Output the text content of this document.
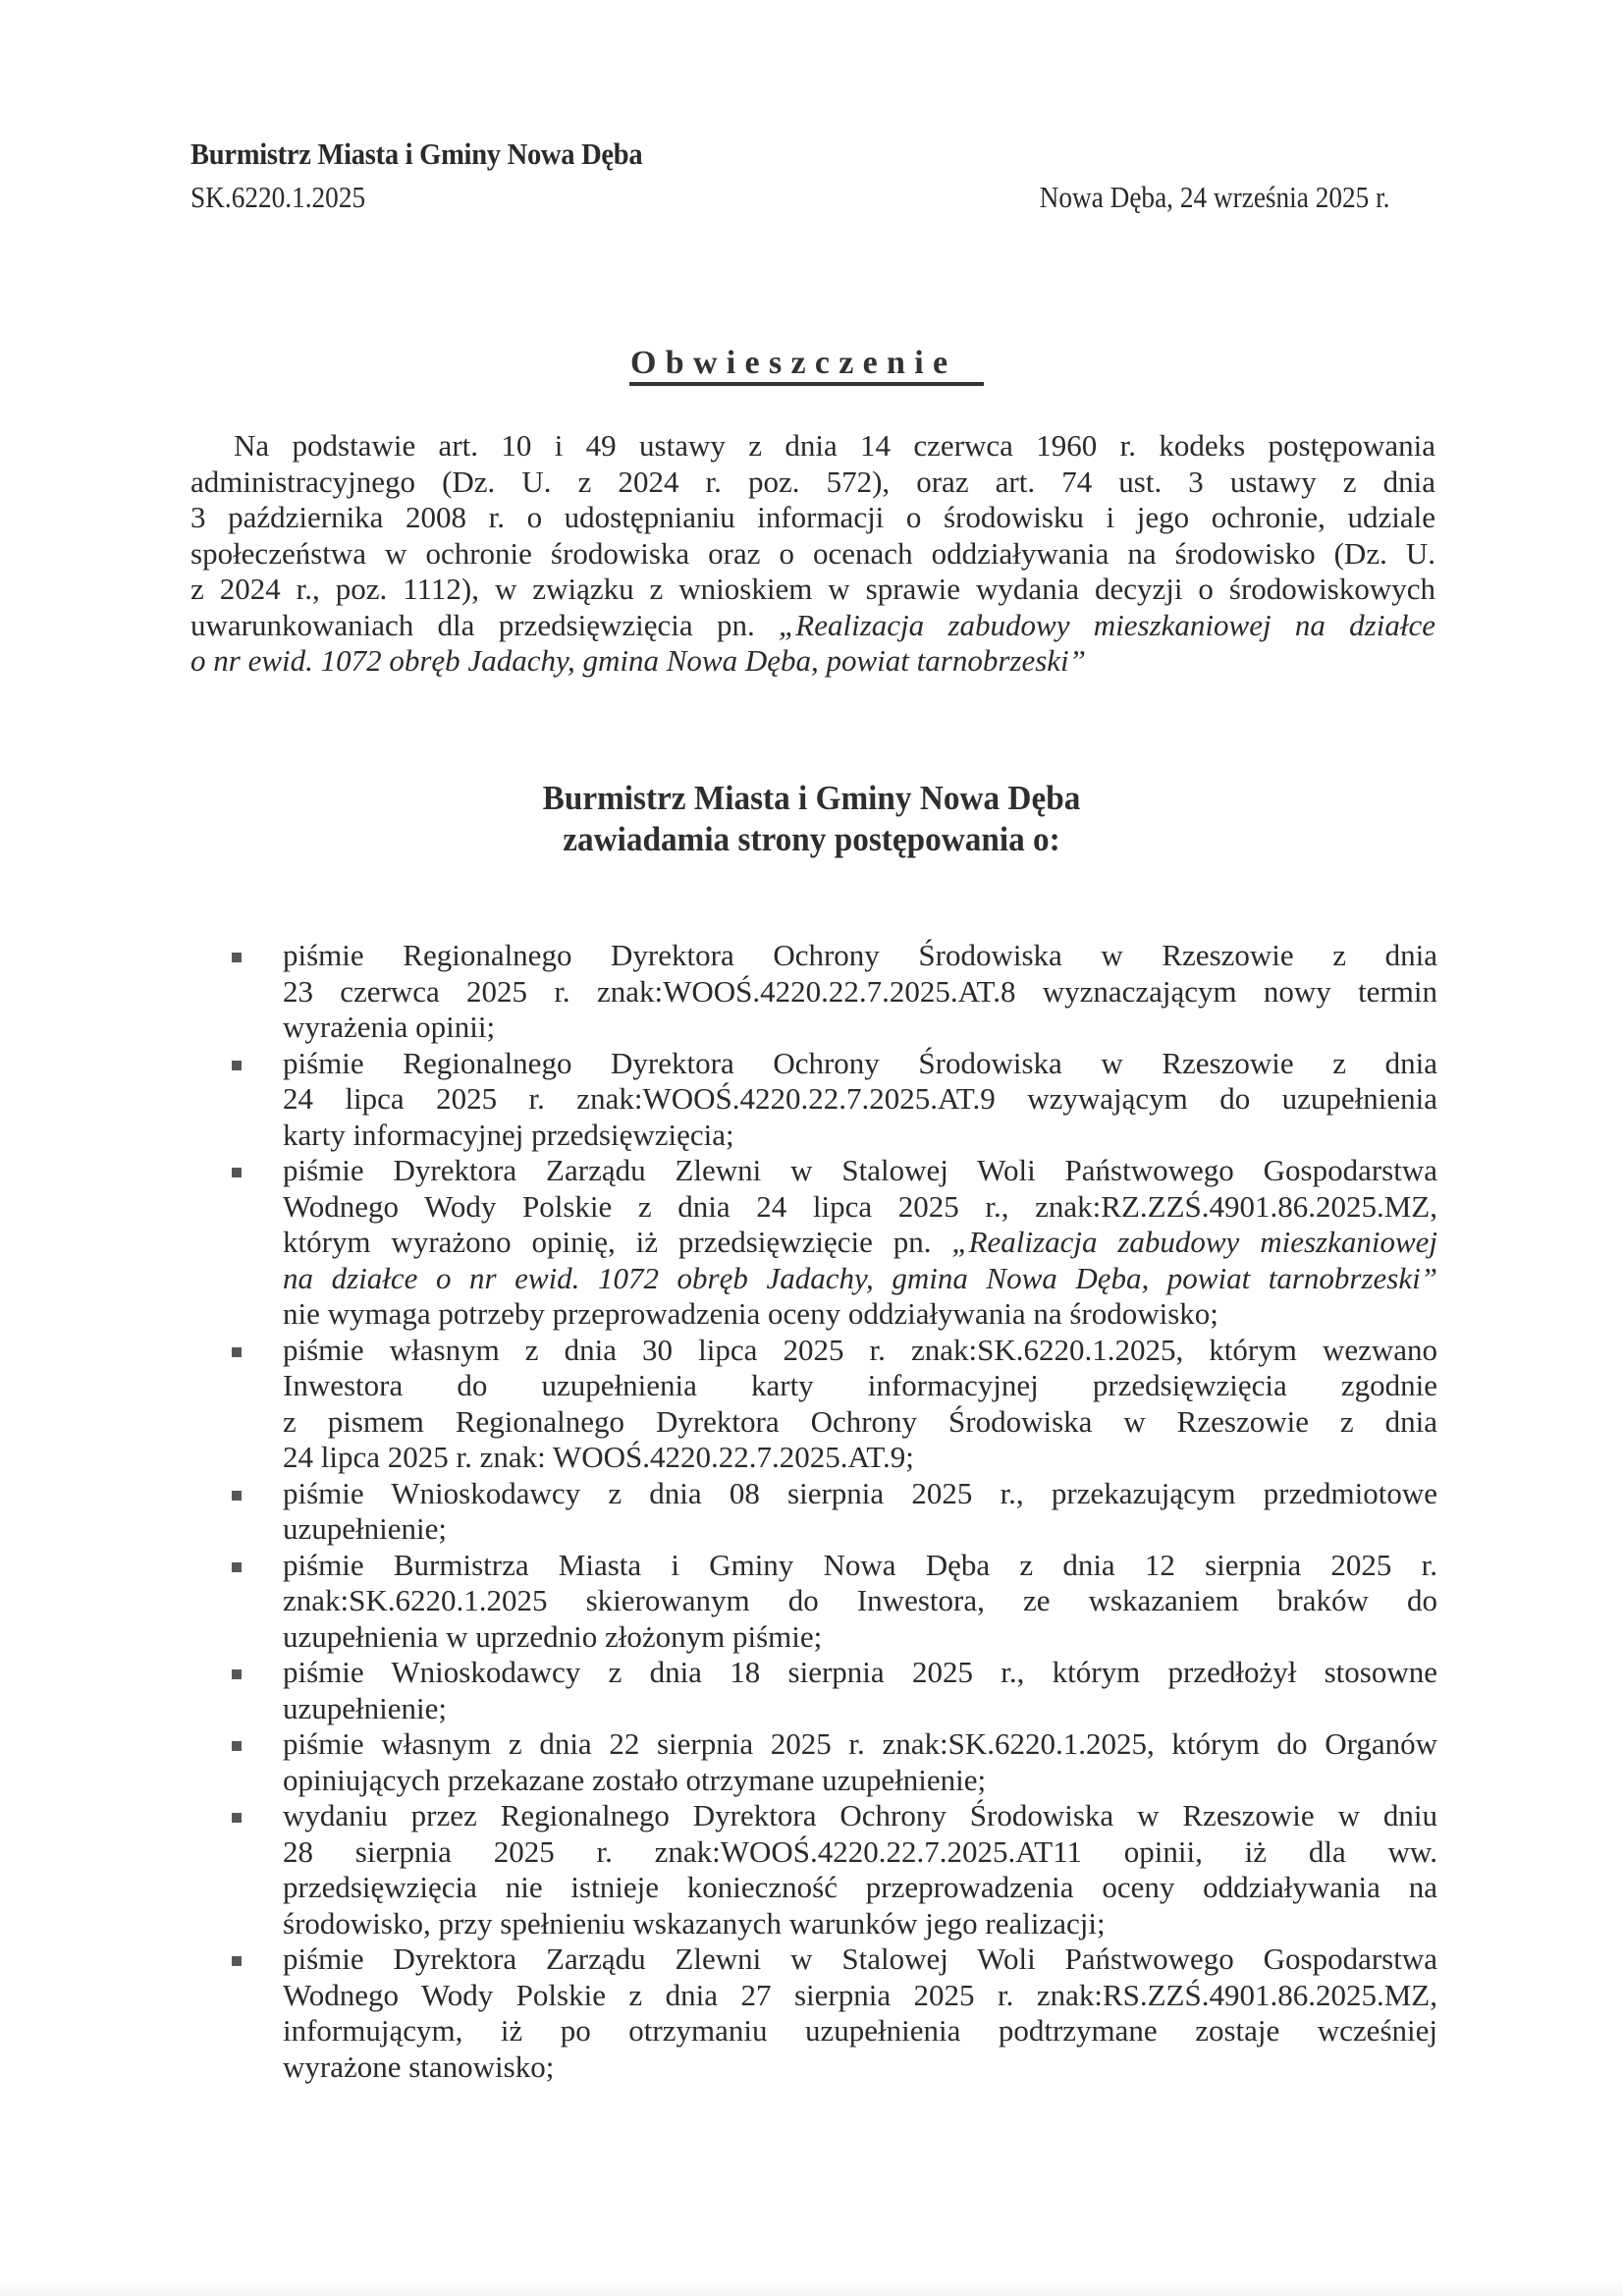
Burmistrz Miasta i Gminy Nowa Dęba
SK.6220.1.2025	Nowa Dęba, 24 września 2025 r.
Obwieszczenie
Na podstawie art. 10 i 49 ustawy z dnia 14 czerwca 1960 r. kodeks postępowania
administracyjnego (Dz. U. z 2024 r. poz. 572), oraz art. 74 ust. 3 ustawy z dnia
3 października 2008 r. o udostępnianiu informacji o środowisku i jego ochronie, udziale
społeczeństwa w ochronie środowiska oraz o ocenach oddziaływania na środowisko (Dz. U.
z 2024 r., poz. 1112), w związku z wnioskiem w sprawie wydania decyzji o środowiskowych
uwarunkowaniach dla przedsięwzięcia pn. „Realizacja zabudowy mieszkaniowej na działce
o nr ewid. 1072 obręb Jadachy, gmina Nowa Dęba, powiat tarnobrzeski”
Burmistrz Miasta i Gminy Nowa Dęba
zawiadamia strony postępowania o:
piśmie Regionalnego Dyrektora Ochrony Środowiska w Rzeszowie z dnia
23 czerwca 2025 r. znak:WOOŚ.4220.22.7.2025.AT.8 wyznaczającym nowy termin
wyrażenia opinii;
piśmie Regionalnego Dyrektora Ochrony Środowiska w Rzeszowie z dnia
24 lipca 2025 r. znak:WOOŚ.4220.22.7.2025.AT.9 wzywającym do uzupełnienia
karty informacyjnej przedsięwzięcia;
piśmie Dyrektora Zarządu Zlewni w Stalowej Woli Państwowego Gospodarstwa
Wodnego Wody Polskie z dnia 24 lipca 2025 r., znak:RZ.ZZŚ.4901.86.2025.MZ,
którym wyrażono opinię, iż przedsięwzięcie pn. „Realizacja zabudowy mieszkaniowej
na działce o nr ewid. 1072 obręb Jadachy, gmina Nowa Dęba, powiat tarnobrzeski”
nie wymaga potrzeby przeprowadzenia oceny oddziaływania na środowisko;
piśmie własnym z dnia 30 lipca 2025 r. znak:SK.6220.1.2025, którym wezwano
Inwestora do uzupełnienia karty informacyjnej przedsięwzięcia zgodnie
z pismem Regionalnego Dyrektora Ochrony Środowiska w Rzeszowie z dnia
24 lipca 2025 r. znak: WOOŚ.4220.22.7.2025.AT.9;
piśmie Wnioskodawcy z dnia 08 sierpnia 2025 r., przekazującym przedmiotowe
uzupełnienie;
piśmie Burmistrza Miasta i Gminy Nowa Dęba z dnia 12 sierpnia 2025 r.
znak:SK.6220.1.2025 skierowanym do Inwestora, ze wskazaniem braków do
uzupełnienia w uprzednio złożonym piśmie;
piśmie Wnioskodawcy z dnia 18 sierpnia 2025 r., którym przedłożył stosowne
uzupełnienie;
piśmie własnym z dnia 22 sierpnia 2025 r. znak:SK.6220.1.2025, którym do Organów
opiniujących przekazane zostało otrzymane uzupełnienie;
wydaniu przez Regionalnego Dyrektora Ochrony Środowiska w Rzeszowie w dniu
28 sierpnia 2025 r. znak:WOOŚ.4220.22.7.2025.AT11 opinii, iż dla ww.
przedsięwzięcia nie istnieje konieczność przeprowadzenia oceny oddziaływania na
środowisko, przy spełnieniu wskazanych warunków jego realizacji;
piśmie Dyrektora Zarządu Zlewni w Stalowej Woli Państwowego Gospodarstwa
Wodnego Wody Polskie z dnia 27 sierpnia 2025 r. znak:RS.ZZŚ.4901.86.2025.MZ,
informującym, iż po otrzymaniu uzupełnienia podtrzymane zostaje wcześniej
wyrażone stanowisko;
